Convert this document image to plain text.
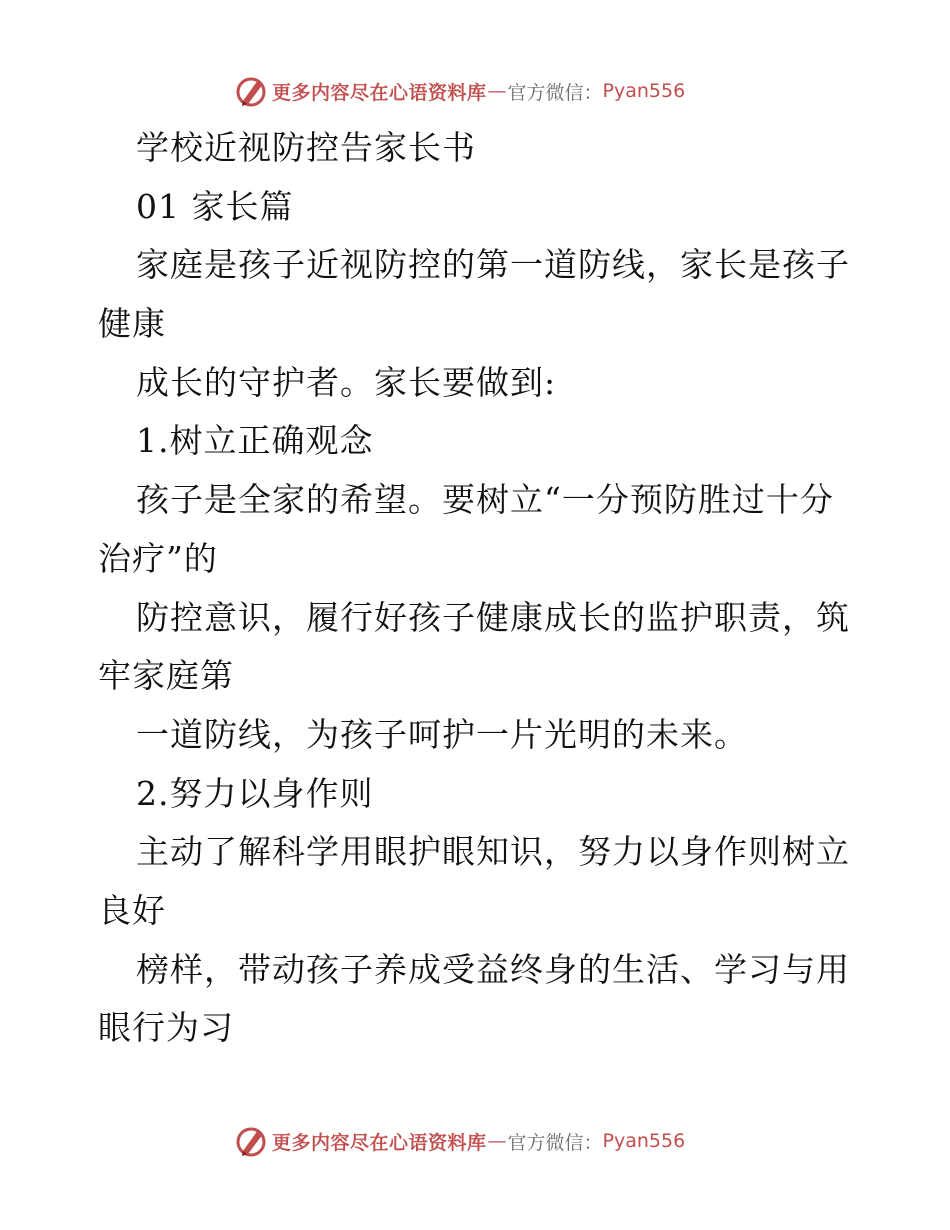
更多内容尽在心语资料库 — 官方微信： Pyan556
学校近视防控告家长书
01 家长篇
家庭是孩子近视防控的第一道防线，家长是孩子
健康
成长的守护者。家长要做到:
1.树立正确观念
孩子是全家的希望。要树立“一分预防胜过十分
治疗”的
防控意识，履行好孩子健康成长的监护职责，筑
牢家庭第
一道防线，为孩子呵护一片光明的未来。
2.努力以身作则
主动了解科学用眼护眼知识，努力以身作则树立
良好
榜样，带动孩子养成受益终身的生活、学习与用
眼行为习
更多内容尽在心语资料库 — 官方微信： Pyan556
